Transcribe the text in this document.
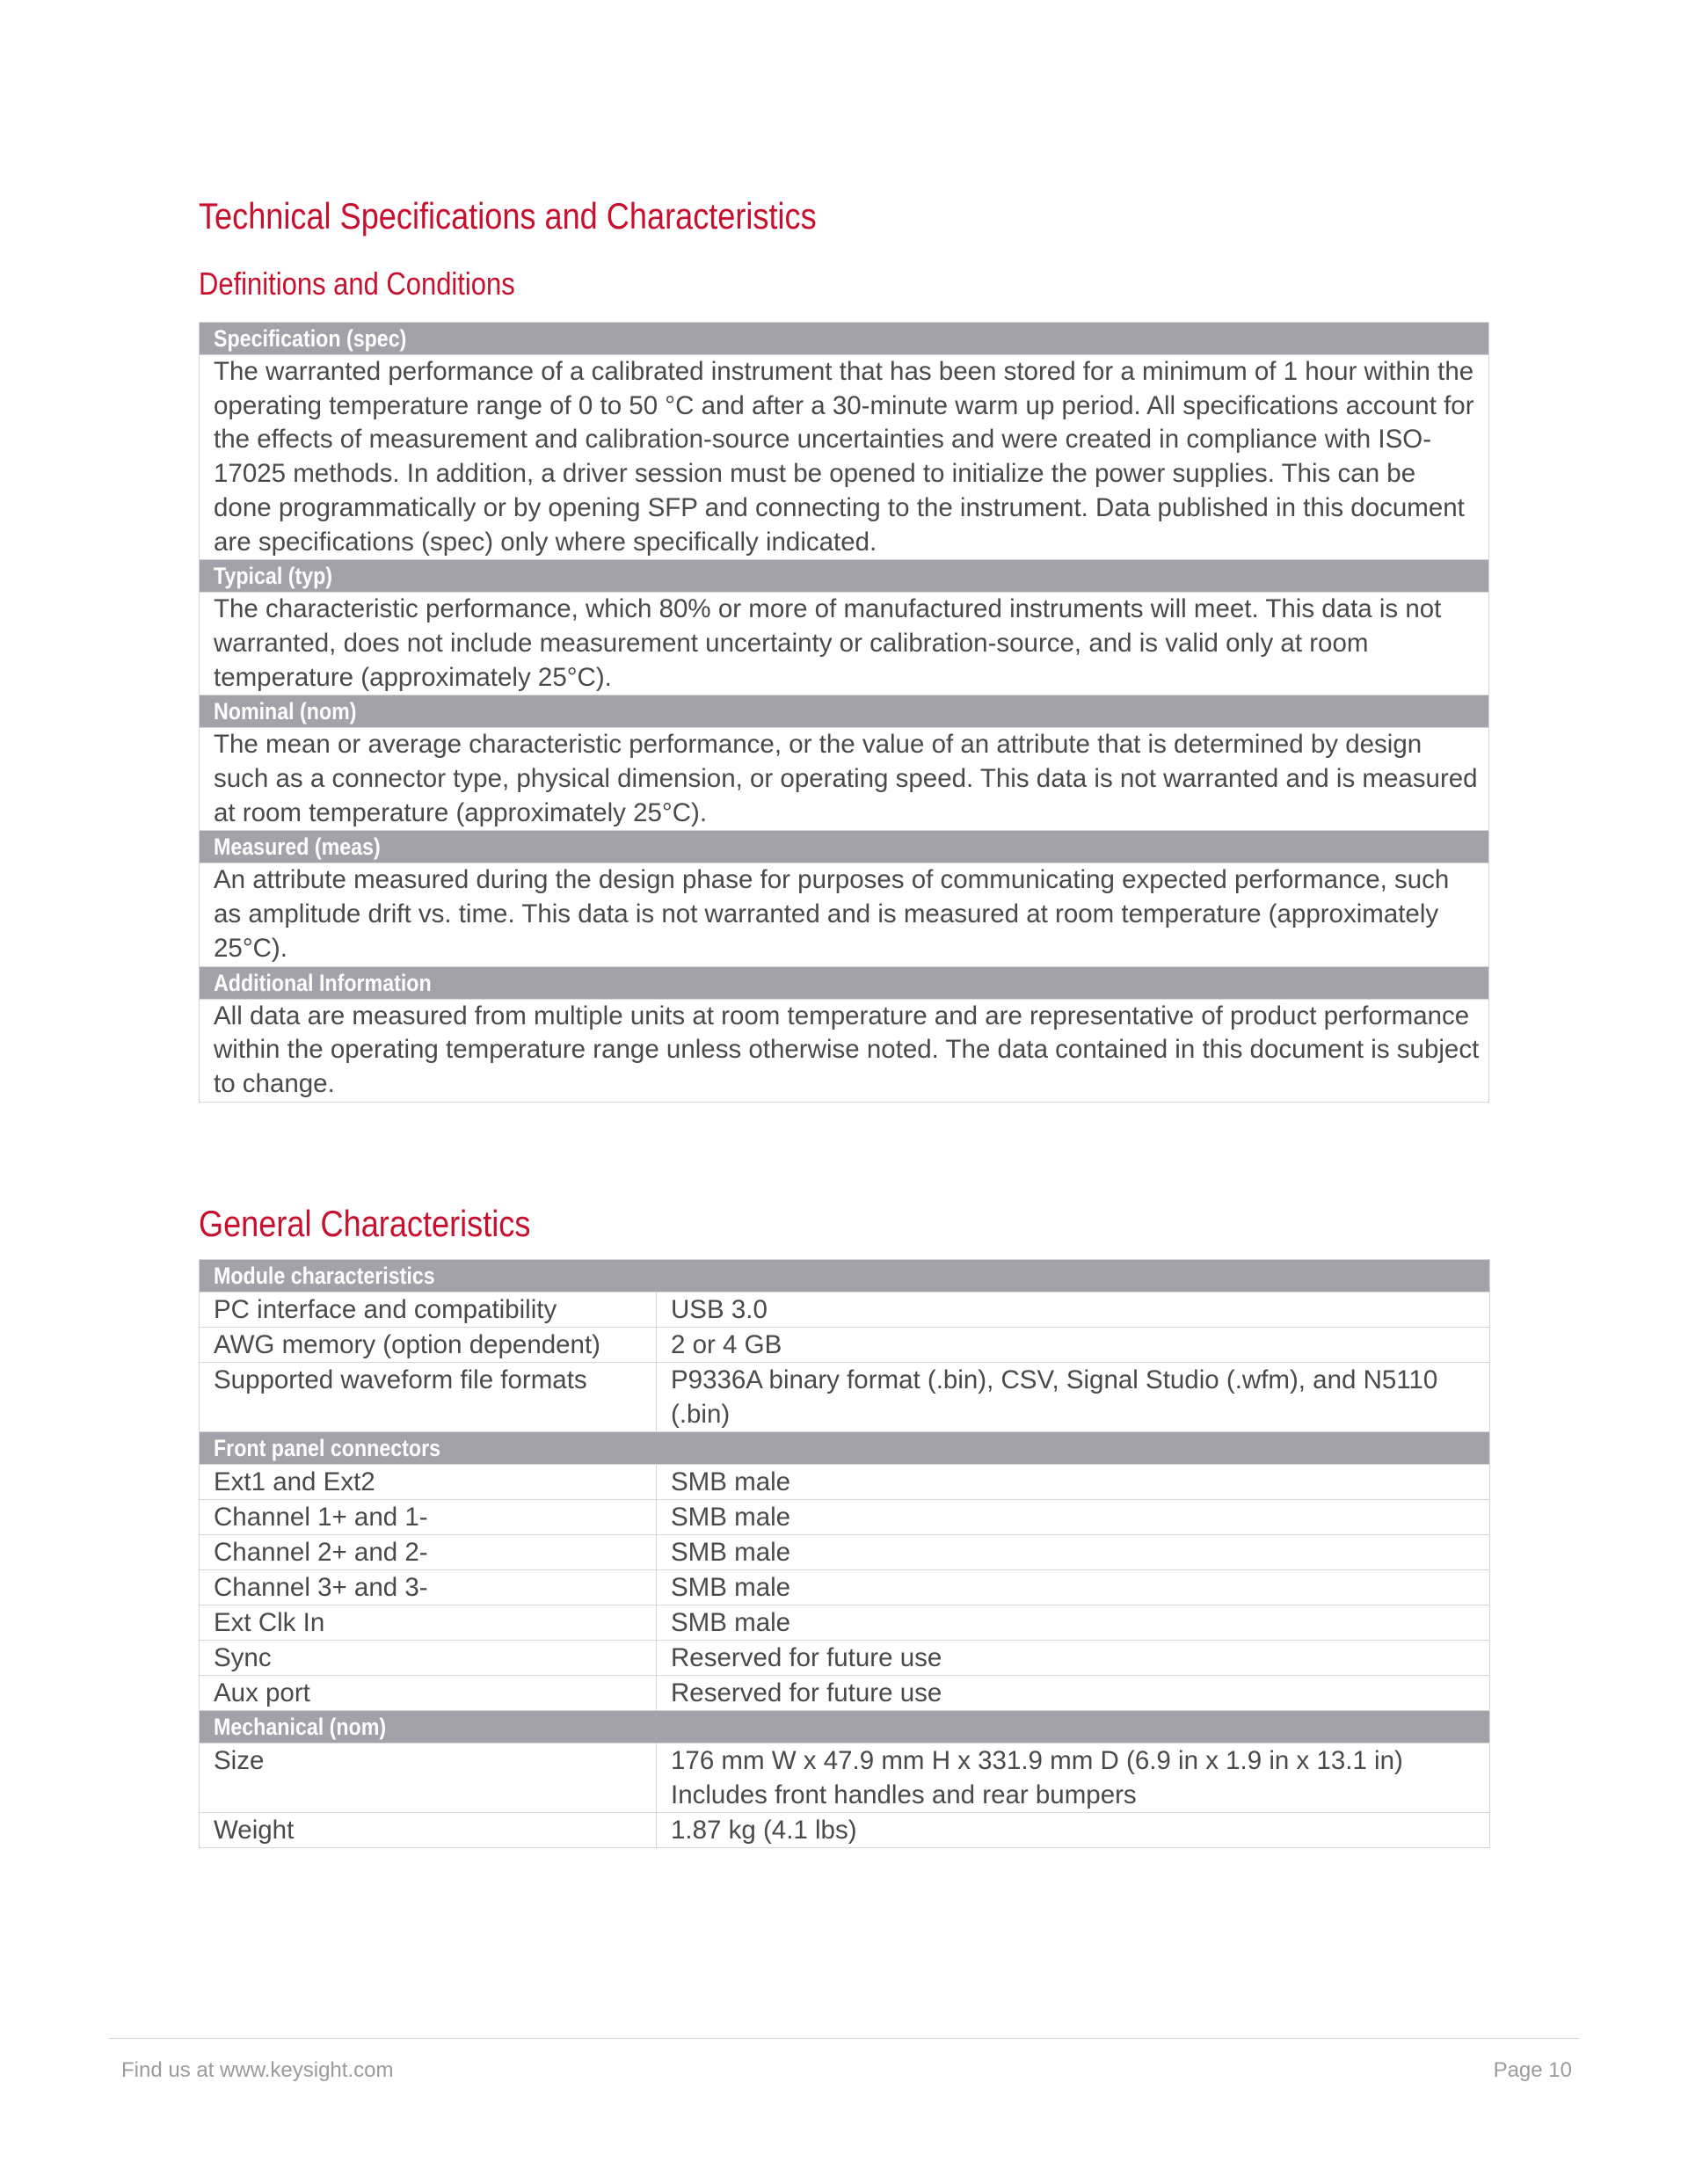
Technical Specifications and Characteristics
Definitions and Conditions
Specification (spec)
The warranted performance of a calibrated instrument that has been stored for a minimum of 1 hour within the operating temperature range of 0 to 50 °C and after a 30-minute warm up period. All specifications account for the effects of measurement and calibration-source uncertainties and were created in compliance with ISO-17025 methods. In addition, a driver session must be opened to initialize the power supplies. This can be done programmatically or by opening SFP and connecting to the instrument. Data published in this document are specifications (spec) only where specifically indicated.
Typical (typ)
The characteristic performance, which 80% or more of manufactured instruments will meet. This data is not warranted, does not include measurement uncertainty or calibration-source, and is valid only at room temperature (approximately 25°C).
Nominal (nom)
The mean or average characteristic performance, or the value of an attribute that is determined by design such as a connector type, physical dimension, or operating speed. This data is not warranted and is measured at room temperature (approximately 25°C).
Measured (meas)
An attribute measured during the design phase for purposes of communicating expected performance, such as amplitude drift vs. time. This data is not warranted and is measured at room temperature (approximately 25°C).
Additional Information
All data are measured from multiple units at room temperature and are representative of product performance within the operating temperature range unless otherwise noted. The data contained in this document is subject to change.
General Characteristics
Module characteristics	
PC interface and compatibility	USB 3.0
AWG memory (option dependent)	2 or 4 GB
Supported waveform file formats	P9336A binary format (.bin), CSV, Signal Studio (.wfm), and N5110 (.bin)
Front panel connectors	
Ext1 and Ext2	SMB male
Channel 1+ and 1-	SMB male
Channel 2+ and 2-	SMB male
Channel 3+ and 3-	SMB male
Ext Clk In	SMB male
Sync	Reserved for future use
Aux port	Reserved for future use
Mechanical (nom)	
Size	176 mm W x 47.9 mm H x 331.9 mm D (6.9 in x 1.9 in x 13.1 in) Includes front handles and rear bumpers
Weight	1.87 kg (4.1 lbs)
Find us at www.keysight.com	Page 10
